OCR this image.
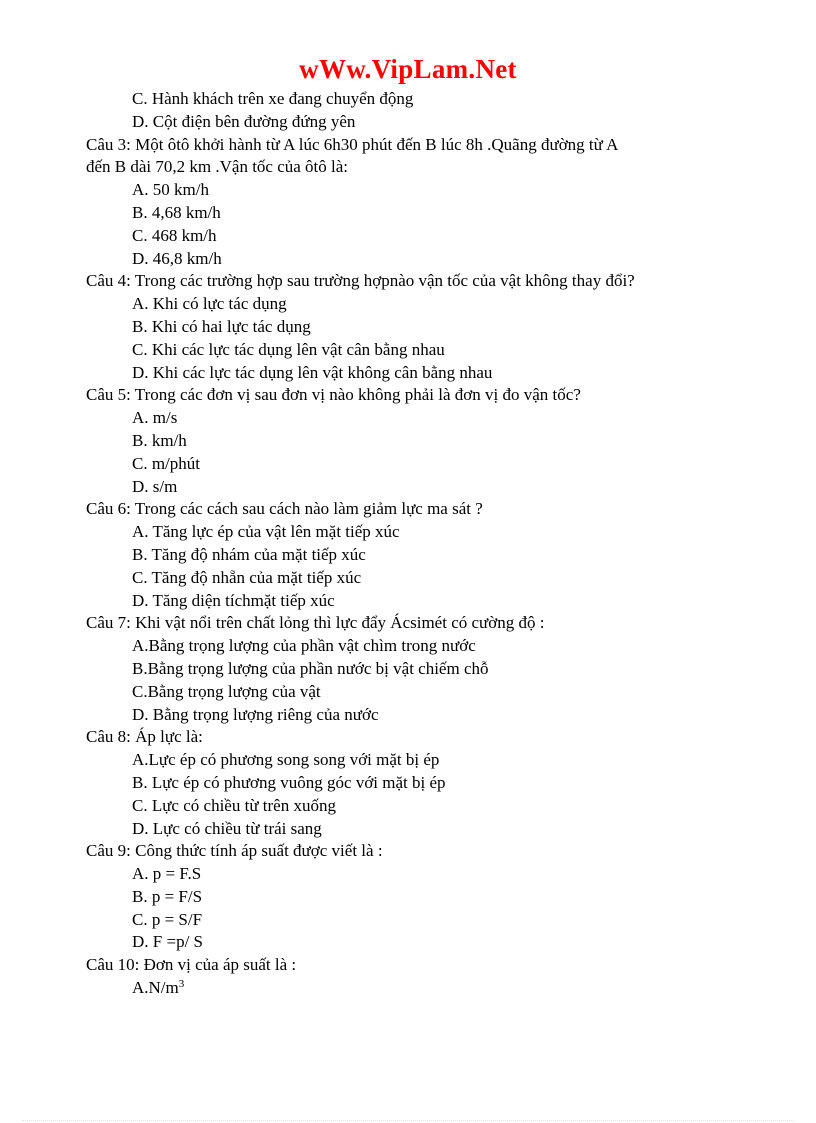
wWw.VipLam.Net
C. Hành khách trên xe đang chuyển động
D. Cột điện bên đường đứng yên
Câu 3: Một ôtô khởi hành từ A lúc 6h30 phút đến B lúc 8h .Quãng đường từ A
đến B dài 70,2 km .Vận tốc của ôtô là:
A. 50 km/h
B. 4,68 km/h
C. 468 km/h
D. 46,8 km/h
Câu 4: Trong các trường hợp sau trường hợpnào vận tốc của vật không thay đổi?
A. Khi có lực tác dụng
B. Khi có hai lực tác dụng
C. Khi các lực tác dụng lên vật cân bằng nhau
D. Khi các lực tác dụng lên vật không cân bằng nhau
Câu 5: Trong các đơn vị sau đơn vị nào không phải là đơn vị đo vận tốc?
A. m/s
B. km/h
C. m/phút
D. s/m
Câu 6: Trong các cách sau cách nào làm giảm lực ma sát ?
A. Tăng lực ép của vật lên mặt tiếp xúc
B. Tăng độ nhám của mặt tiếp xúc
C. Tăng độ nhẵn của mặt tiếp xúc
D. Tăng diện tíchmặt tiếp xúc
Câu 7: Khi vật nổi trên chất lỏng thì lực đẩy Ácsimét có cường độ :
A.Bằng trọng lượng của phần vật chìm trong nước
B.Bằng trọng lượng của phần nước bị vật chiếm chỗ
C.Bằng trọng lượng của vật
D. Bằng trọng lượng riêng của nước
Câu 8: Áp lực là:
A.Lực ép có phương song song với mặt bị ép
B. Lực ép có phương vuông góc với mặt bị ép
C. Lực có chiều từ trên xuống
D. Lực có chiều từ trái sang
Câu 9: Công thức tính áp suất được viết là :
A. p = F.S
B. p = F/S
C. p = S/F
D. F =p/ S
Câu 10: Đơn vị của áp suất là :
$A.N/m^3$
